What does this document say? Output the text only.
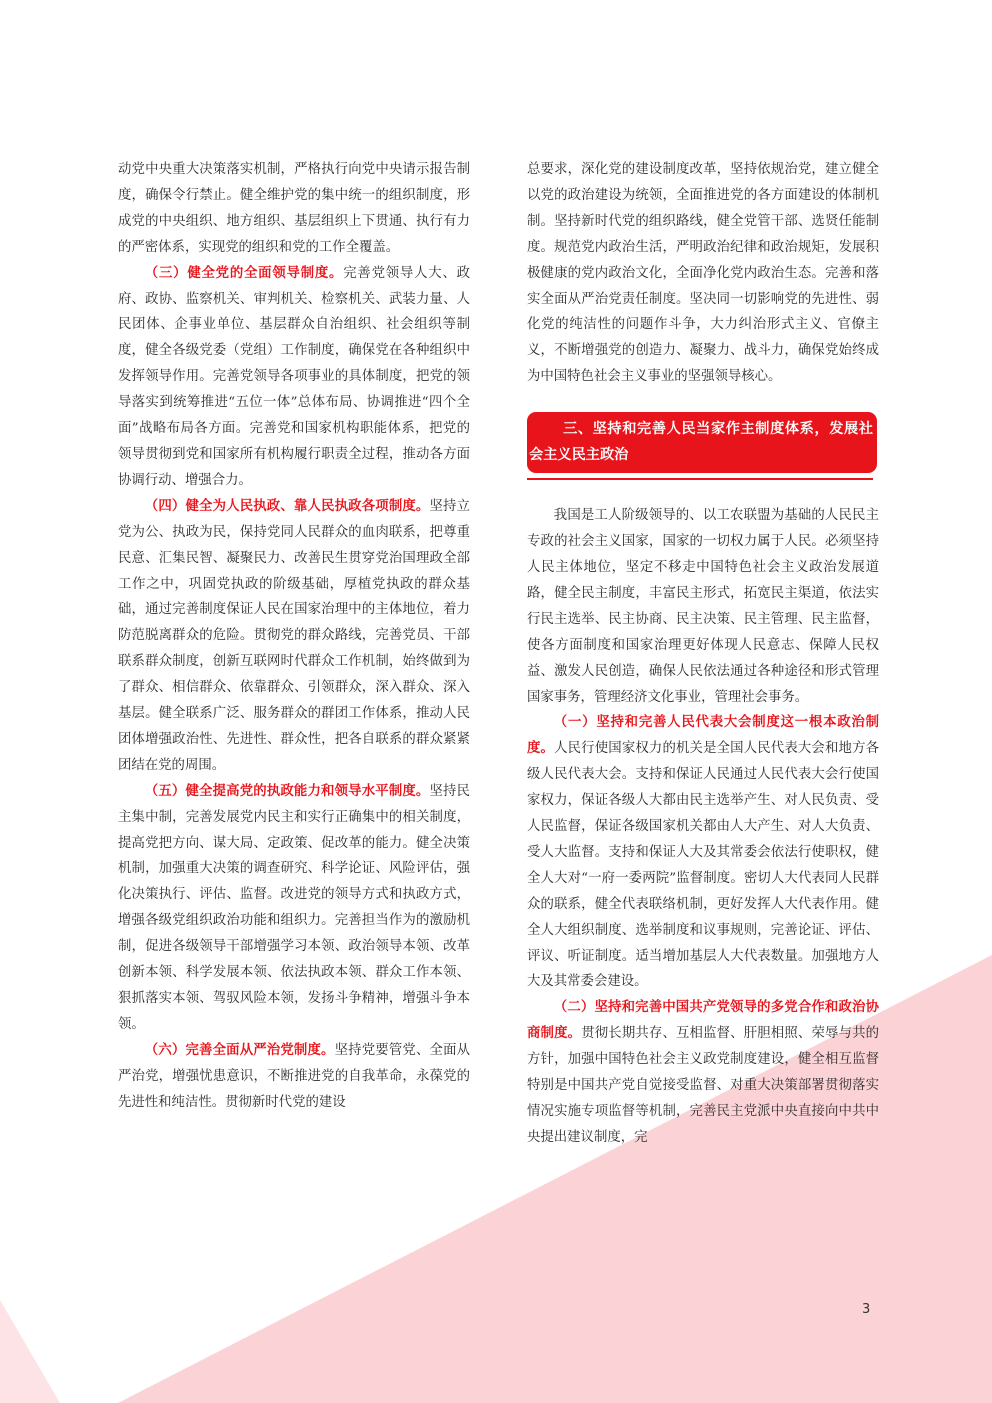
动党中央重大决策落实机制，严格执行向党中央请示报告制度，确保令行禁止。健全维护党的集中统一的组织制度，形成党的中央组织、地方组织、基层组织上下贯通、执行有力的严密体系，实现党的组织和党的工作全覆盖。

（三）健全党的全面领导制度。完善党领导人大、政府、政协、监察机关、审判机关、检察机关、武装力量、人民团体、企事业单位、基层群众自治组织、社会组织等制度，健全各级党委（党组）工作制度，确保党在各种组织中发挥领导作用。完善党领导各项事业的具体制度，把党的领导落实到统筹推进“五位一体”总体布局、协调推进“四个全面”战略布局各方面。完善党和国家机构职能体系，把党的领导贯彻到党和国家所有机构履行职责全过程，推动各方面协调行动、增强合力。

（四）健全为人民执政、靠人民执政各项制度。坚持立党为公、执政为民，保持党同人民群众的血肉联系，把尊重民意、汇集民智、凝聚民力、改善民生贯穿党治国理政全部工作之中，巩固党执政的阶级基础，厚植党执政的群众基础，通过完善制度保证人民在国家治理中的主体地位，着力防范脱离群众的危险。贯彻党的群众路线，完善党员、干部联系群众制度，创新互联网时代群众工作机制，始终做到为了群众、相信群众、依靠群众、引领群众，深入群众、深入基层。健全联系广泛、服务群众的群团工作体系，推动人民团体增强政治性、先进性、群众性，把各自联系的群众紧紧团结在党的周围。

（五）健全提高党的执政能力和领导水平制度。坚持民主集中制，完善发展党内民主和实行正确集中的相关制度，提高党把方向、谋大局、定政策、促改革的能力。健全决策机制，加强重大决策的调查研究、科学论证、风险评估，强化决策执行、评估、监督。改进党的领导方式和执政方式，增强各级党组织政治功能和组织力。完善担当作为的激励机制，促进各级领导干部增强学习本领、政治领导本领、改革创新本领、科学发展本领、依法执政本领、群众工作本领、狠抓落实本领、驾驭风险本领，发扬斗争精神，增强斗争本领。

（六）完善全面从严治党制度。坚持党要管党、全面从严治党，增强忧患意识，不断推进党的自我革命，永葆党的先进性和纯洁性。贯彻新时代党的建设

总要求，深化党的建设制度改革，坚持依规治党，建立健全以党的政治建设为统领，全面推进党的各方面建设的体制机制。坚持新时代党的组织路线，健全党管干部、选贤任能制度。规范党内政治生活，严明政治纪律和政治规矩，发展积极健康的党内政治文化，全面净化党内政治生态。完善和落实全面从严治党责任制度。坚决同一切影响党的先进性、弱化党的纯洁性的问题作斗争，大力纠治形式主义、官僚主义，不断增强党的创造力、凝聚力、战斗力，确保党始终成为中国特色社会主义事业的坚强领导核心。

三、坚持和完善人民当家作主制度体系，发展社会主义民主政治

我国是工人阶级领导的、以工农联盟为基础的人民民主专政的社会主义国家，国家的一切权力属于人民。必须坚持人民主体地位，坚定不移走中国特色社会主义政治发展道路，健全民主制度，丰富民主形式，拓宽民主渠道，依法实行民主选举、民主协商、民主决策、民主管理、民主监督，使各方面制度和国家治理更好体现人民意志、保障人民权益、激发人民创造，确保人民依法通过各种途径和形式管理国家事务，管理经济文化事业，管理社会事务。

（一）坚持和完善人民代表大会制度这一根本政治制度。人民行使国家权力的机关是全国人民代表大会和地方各级人民代表大会。支持和保证人民通过人民代表大会行使国家权力，保证各级人大都由民主选举产生、对人民负责、受人民监督，保证各级国家机关都由人大产生、对人大负责、受人大监督。支持和保证人大及其常委会依法行使职权，健全人大对“一府一委两院”监督制度。密切人大代表同人民群众的联系，健全代表联络机制，更好发挥人大代表作用。健全人大组织制度、选举制度和议事规则，完善论证、评估、评议、听证制度。适当增加基层人大代表数量。加强地方人大及其常委会建设。

（二）坚持和完善中国共产党领导的多党合作和政治协商制度。贯彻长期共存、互相监督、肝胆相照、荣辱与共的方针，加强中国特色社会主义政党制度建设，健全相互监督特别是中国共产党自觉接受监督、对重大决策部署贯彻落实情况实施专项监督等机制，完善民主党派中央直接向中共中央提出建议制度，完

3
